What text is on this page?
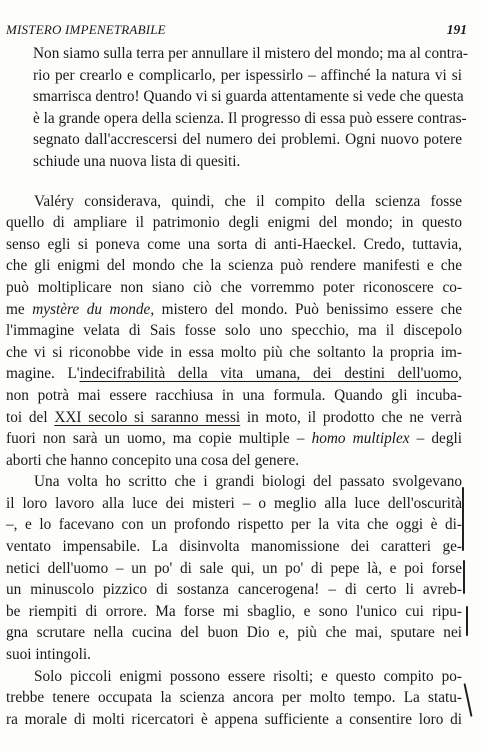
MISTERO IMPENETRABILE	191
Non siamo sulla terra per annullare il mistero del mondo; ma al contra-
rio per crearlo e complicarlo, per ispessirlo – affinché la natura vi si
smarrisca dentro! Quando vi si guarda attentamente si vede che questa
è la grande opera della scienza. Il progresso di essa può essere contras-
segnato dall'accrescersi del numero dei problemi. Ogni nuovo potere
schiude una nuova lista di quesiti.
Valéry considerava, quindi, che il compito della scienza fosse
quello di ampliare il patrimonio degli enigmi del mondo; in questo
senso egli si poneva come una sorta di anti-Haeckel. Credo, tuttavia,
che gli enigmi del mondo che la scienza può rendere manifesti e che
può moltiplicare non siano ciò che vorremmo poter riconoscere co-
me mystère du monde, mistero del mondo. Può benissimo essere che
l'immagine velata di Sais fosse solo uno specchio, ma il discepolo
che vi si riconobbe vide in essa molto più che soltanto la propria im-
magine. L'indecifrabilità della vita umana, dei destini dell'uomo,
non potrà mai essere racchiusa in una formula. Quando gli incuba-
toi del XXI secolo si saranno messi in moto, il prodotto che ne verrà
fuori non sarà un uomo, ma copie multiple – homo multiplex – degli
aborti che hanno concepito una cosa del genere.
Una volta ho scritto che i grandi biologi del passato svolgevano
il loro lavoro alla luce dei misteri – o meglio alla luce dell'oscurità
–, e lo facevano con un profondo rispetto per la vita che oggi è di-
ventato impensabile. La disinvolta manomissione dei caratteri ge-
netici dell'uomo – un po' di sale qui, un po' di pepe là, e poi forse
un minuscolo pizzico di sostanza cancerogena! – di certo li avreb-
be riempiti di orrore. Ma forse mi sbaglio, e sono l'unico cui ripu-
gna scrutare nella cucina del buon Dio e, più che mai, sputare nei
suoi intingoli.
Solo piccoli enigmi possono essere risolti; e questo compito po-
trebbe tenere occupata la scienza ancora per molto tempo. La statu-
ra morale di molti ricercatori è appena sufficiente a consentire loro di
